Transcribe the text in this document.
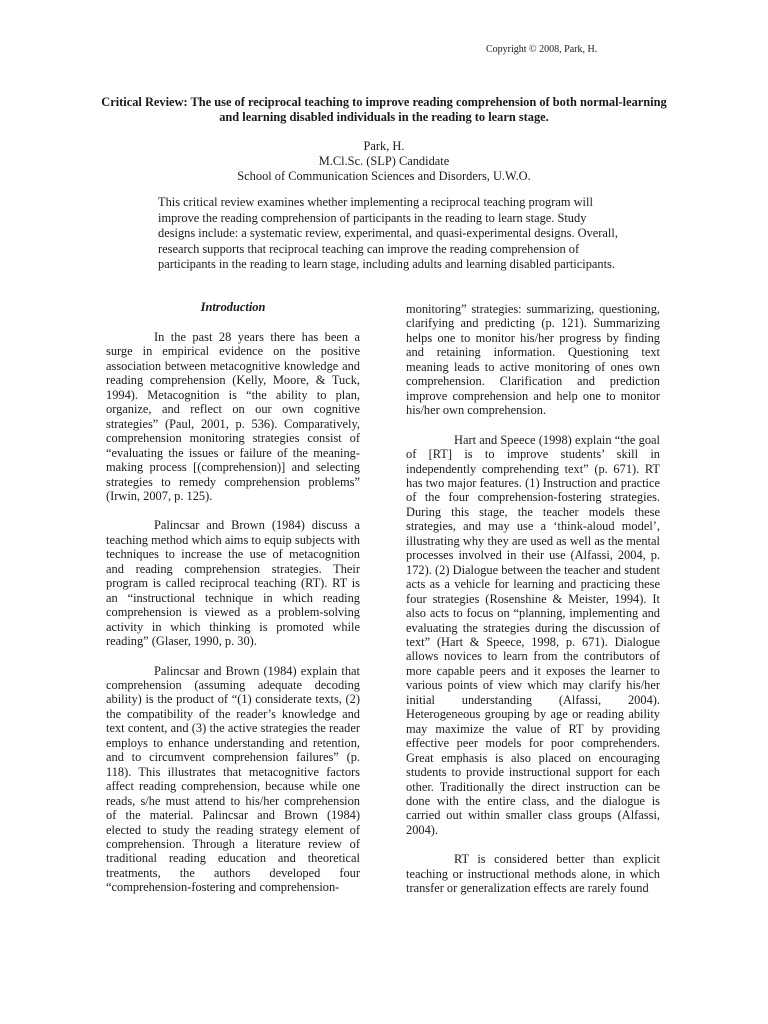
Copyright © 2008, Park, H.
Critical Review: The use of reciprocal teaching to improve reading comprehension of both normal-learning and learning disabled individuals in the reading to learn stage.
Park, H.
M.Cl.Sc. (SLP) Candidate
School of Communication Sciences and Disorders, U.W.O.
This critical review examines whether implementing a reciprocal teaching program will improve the reading comprehension of participants in the reading to learn stage. Study designs include: a systematic review, experimental, and quasi-experimental designs. Overall, research supports that reciprocal teaching can improve the reading comprehension of participants in the reading to learn stage, including adults and learning disabled participants.
Introduction

In the past 28 years there has been a surge in empirical evidence on the positive association between metacognitive knowledge and reading comprehension (Kelly, Moore, & Tuck, 1994). Metacognition is “the ability to plan, organize, and reflect on our own cognitive strategies” (Paul, 2001, p. 536). Comparatively, comprehension monitoring strategies consist of “evaluating the issues or failure of the meaning-making process [(comprehension)] and selecting strategies to remedy comprehension problems” (Irwin, 2007, p. 125).

Palincsar and Brown (1984) discuss a teaching method which aims to equip subjects with techniques to increase the use of metacognition and reading comprehension strategies. Their program is called reciprocal teaching (RT). RT is an “instructional technique in which reading comprehension is viewed as a problem-solving activity in which thinking is promoted while reading” (Glaser, 1990, p. 30).

Palincsar and Brown (1984) explain that comprehension (assuming adequate decoding ability) is the product of “(1) considerate texts, (2) the compatibility of the reader’s knowledge and text content, and (3) the active strategies the reader employs to enhance understanding and retention, and to circumvent comprehension failures” (p. 118). This illustrates that metacognitive factors affect reading comprehension, because while one reads, s/he must attend to his/her comprehension of the material. Palincsar and Brown (1984) elected to study the reading strategy element of comprehension. Through a literature review of traditional reading education and theoretical treatments, the authors developed four “comprehension-fostering and comprehension-

monitoring” strategies: summarizing, questioning, clarifying and predicting (p. 121). Summarizing helps one to monitor his/her progress by finding and retaining information. Questioning text meaning leads to active monitoring of ones own comprehension. Clarification and prediction improve comprehension and help one to monitor his/her own comprehension.

Hart and Speece (1998) explain “the goal of [RT] is to improve students’ skill in independently comprehending text” (p. 671). RT has two major features. (1) Instruction and practice of the four comprehension-fostering strategies. During this stage, the teacher models these strategies, and may use a ‘think-aloud model’, illustrating why they are used as well as the mental processes involved in their use (Alfassi, 2004, p. 172). (2) Dialogue between the teacher and student acts as a vehicle for learning and practicing these four strategies (Rosenshine & Meister, 1994). It also acts to focus on “planning, implementing and evaluating the strategies during the discussion of text” (Hart & Speece, 1998, p. 671). Dialogue allows novices to learn from the contributors of more capable peers and it exposes the learner to various points of view which may clarify his/her initial understanding (Alfassi, 2004). Heterogeneous grouping by age or reading ability may maximize the value of RT by providing effective peer models for poor comprehenders. Great emphasis is also placed on encouraging students to provide instructional support for each other. Traditionally the direct instruction can be done with the entire class, and the dialogue is carried out within smaller class groups (Alfassi, 2004).

RT is considered better than explicit teaching or instructional methods alone, in which transfer or generalization effects are rarely found
